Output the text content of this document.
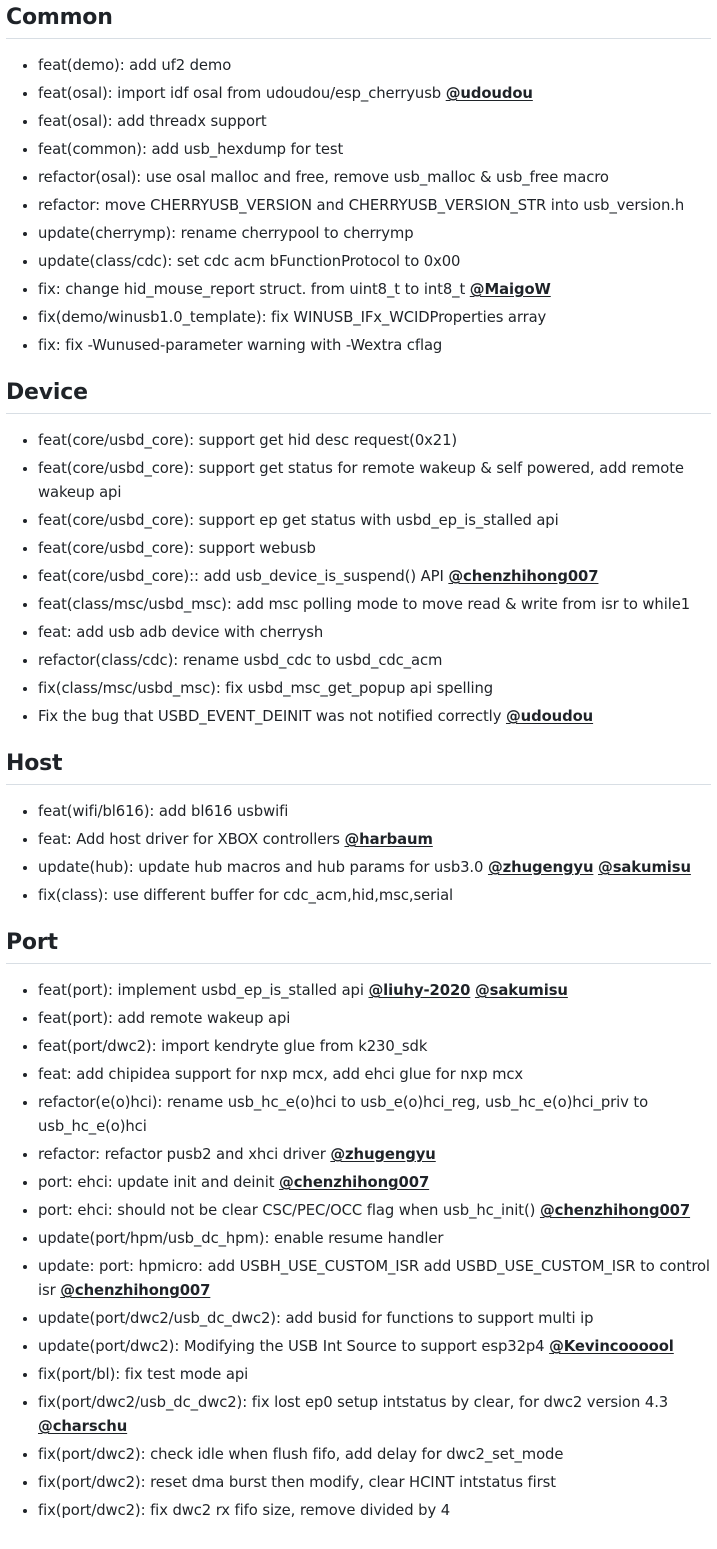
Common
• feat(demo): add uf2 demo
• feat(osal): import idf osal from udoudou/esp_cherryusb @udoudou
• feat(osal): add threadx support
• feat(common): add usb_hexdump for test
• refactor(osal): use osal malloc and free, remove usb_malloc & usb_free macro
• refactor: move CHERRYUSB_VERSION and CHERRYUSB_VERSION_STR into usb_version.h
• update(cherrymp): rename cherrypool to cherrymp
• update(class/cdc): set cdc acm bFunctionProtocol to 0x00
• fix: change hid_mouse_report struct. from uint8_t to int8_t @MaigoW
• fix(demo/winusb1.0_template): fix WINUSB_IFx_WCIDProperties array
• fix: fix -Wunused-parameter warning with -Wextra cflag
Device
• feat(core/usbd_core): support get hid desc request(0x21)
• feat(core/usbd_core): support get status for remote wakeup & self powered, add remote wakeup api
• feat(core/usbd_core): support ep get status with usbd_ep_is_stalled api
• feat(core/usbd_core): support webusb
• feat(core/usbd_core):: add usb_device_is_suspend() API @chenzhihong007
• feat(class/msc/usbd_msc): add msc polling mode to move read & write from isr to while1
• feat: add usb adb device with cherrysh
• refactor(class/cdc): rename usbd_cdc to usbd_cdc_acm
• fix(class/msc/usbd_msc): fix usbd_msc_get_popup api spelling
• Fix the bug that USBD_EVENT_DEINIT was not notified correctly @udoudou
Host
• feat(wifi/bl616): add bl616 usbwifi
• feat: Add host driver for XBOX controllers @harbaum
• update(hub): update hub macros and hub params for usb3.0 @zhugengyu @sakumisu
• fix(class): use different buffer for cdc_acm,hid,msc,serial
Port
• feat(port): implement usbd_ep_is_stalled api @liuhy-2020 @sakumisu
• feat(port): add remote wakeup api
• feat(port/dwc2): import kendryte glue from k230_sdk
• feat: add chipidea support for nxp mcx, add ehci glue for nxp mcx
• refactor(e(o)hci): rename usb_hc_e(o)hci to usb_e(o)hci_reg, usb_hc_e(o)hci_priv to usb_hc_e(o)hci
• refactor: refactor pusb2 and xhci driver @zhugengyu
• port: ehci: update init and deinit @chenzhihong007
• port: ehci: should not be clear CSC/PEC/OCC flag when usb_hc_init() @chenzhihong007
• update(port/hpm/usb_dc_hpm): enable resume handler
• update: port: hpmicro: add USBH_USE_CUSTOM_ISR add USBD_USE_CUSTOM_ISR to control isr @chenzhihong007
• update(port/dwc2/usb_dc_dwc2): add busid for functions to support multi ip
• update(port/dwc2): Modifying the USB Int Source to support esp32p4 @Kevincoooool
• fix(port/bl): fix test mode api
• fix(port/dwc2/usb_dc_dwc2): fix lost ep0 setup intstatus by clear, for dwc2 version 4.3 @charschu
• fix(port/dwc2): check idle when flush fifo, add delay for dwc2_set_mode
• fix(port/dwc2): reset dma burst then modify, clear HCINT intstatus first
• fix(port/dwc2): fix dwc2 rx fifo size, remove divided by 4
